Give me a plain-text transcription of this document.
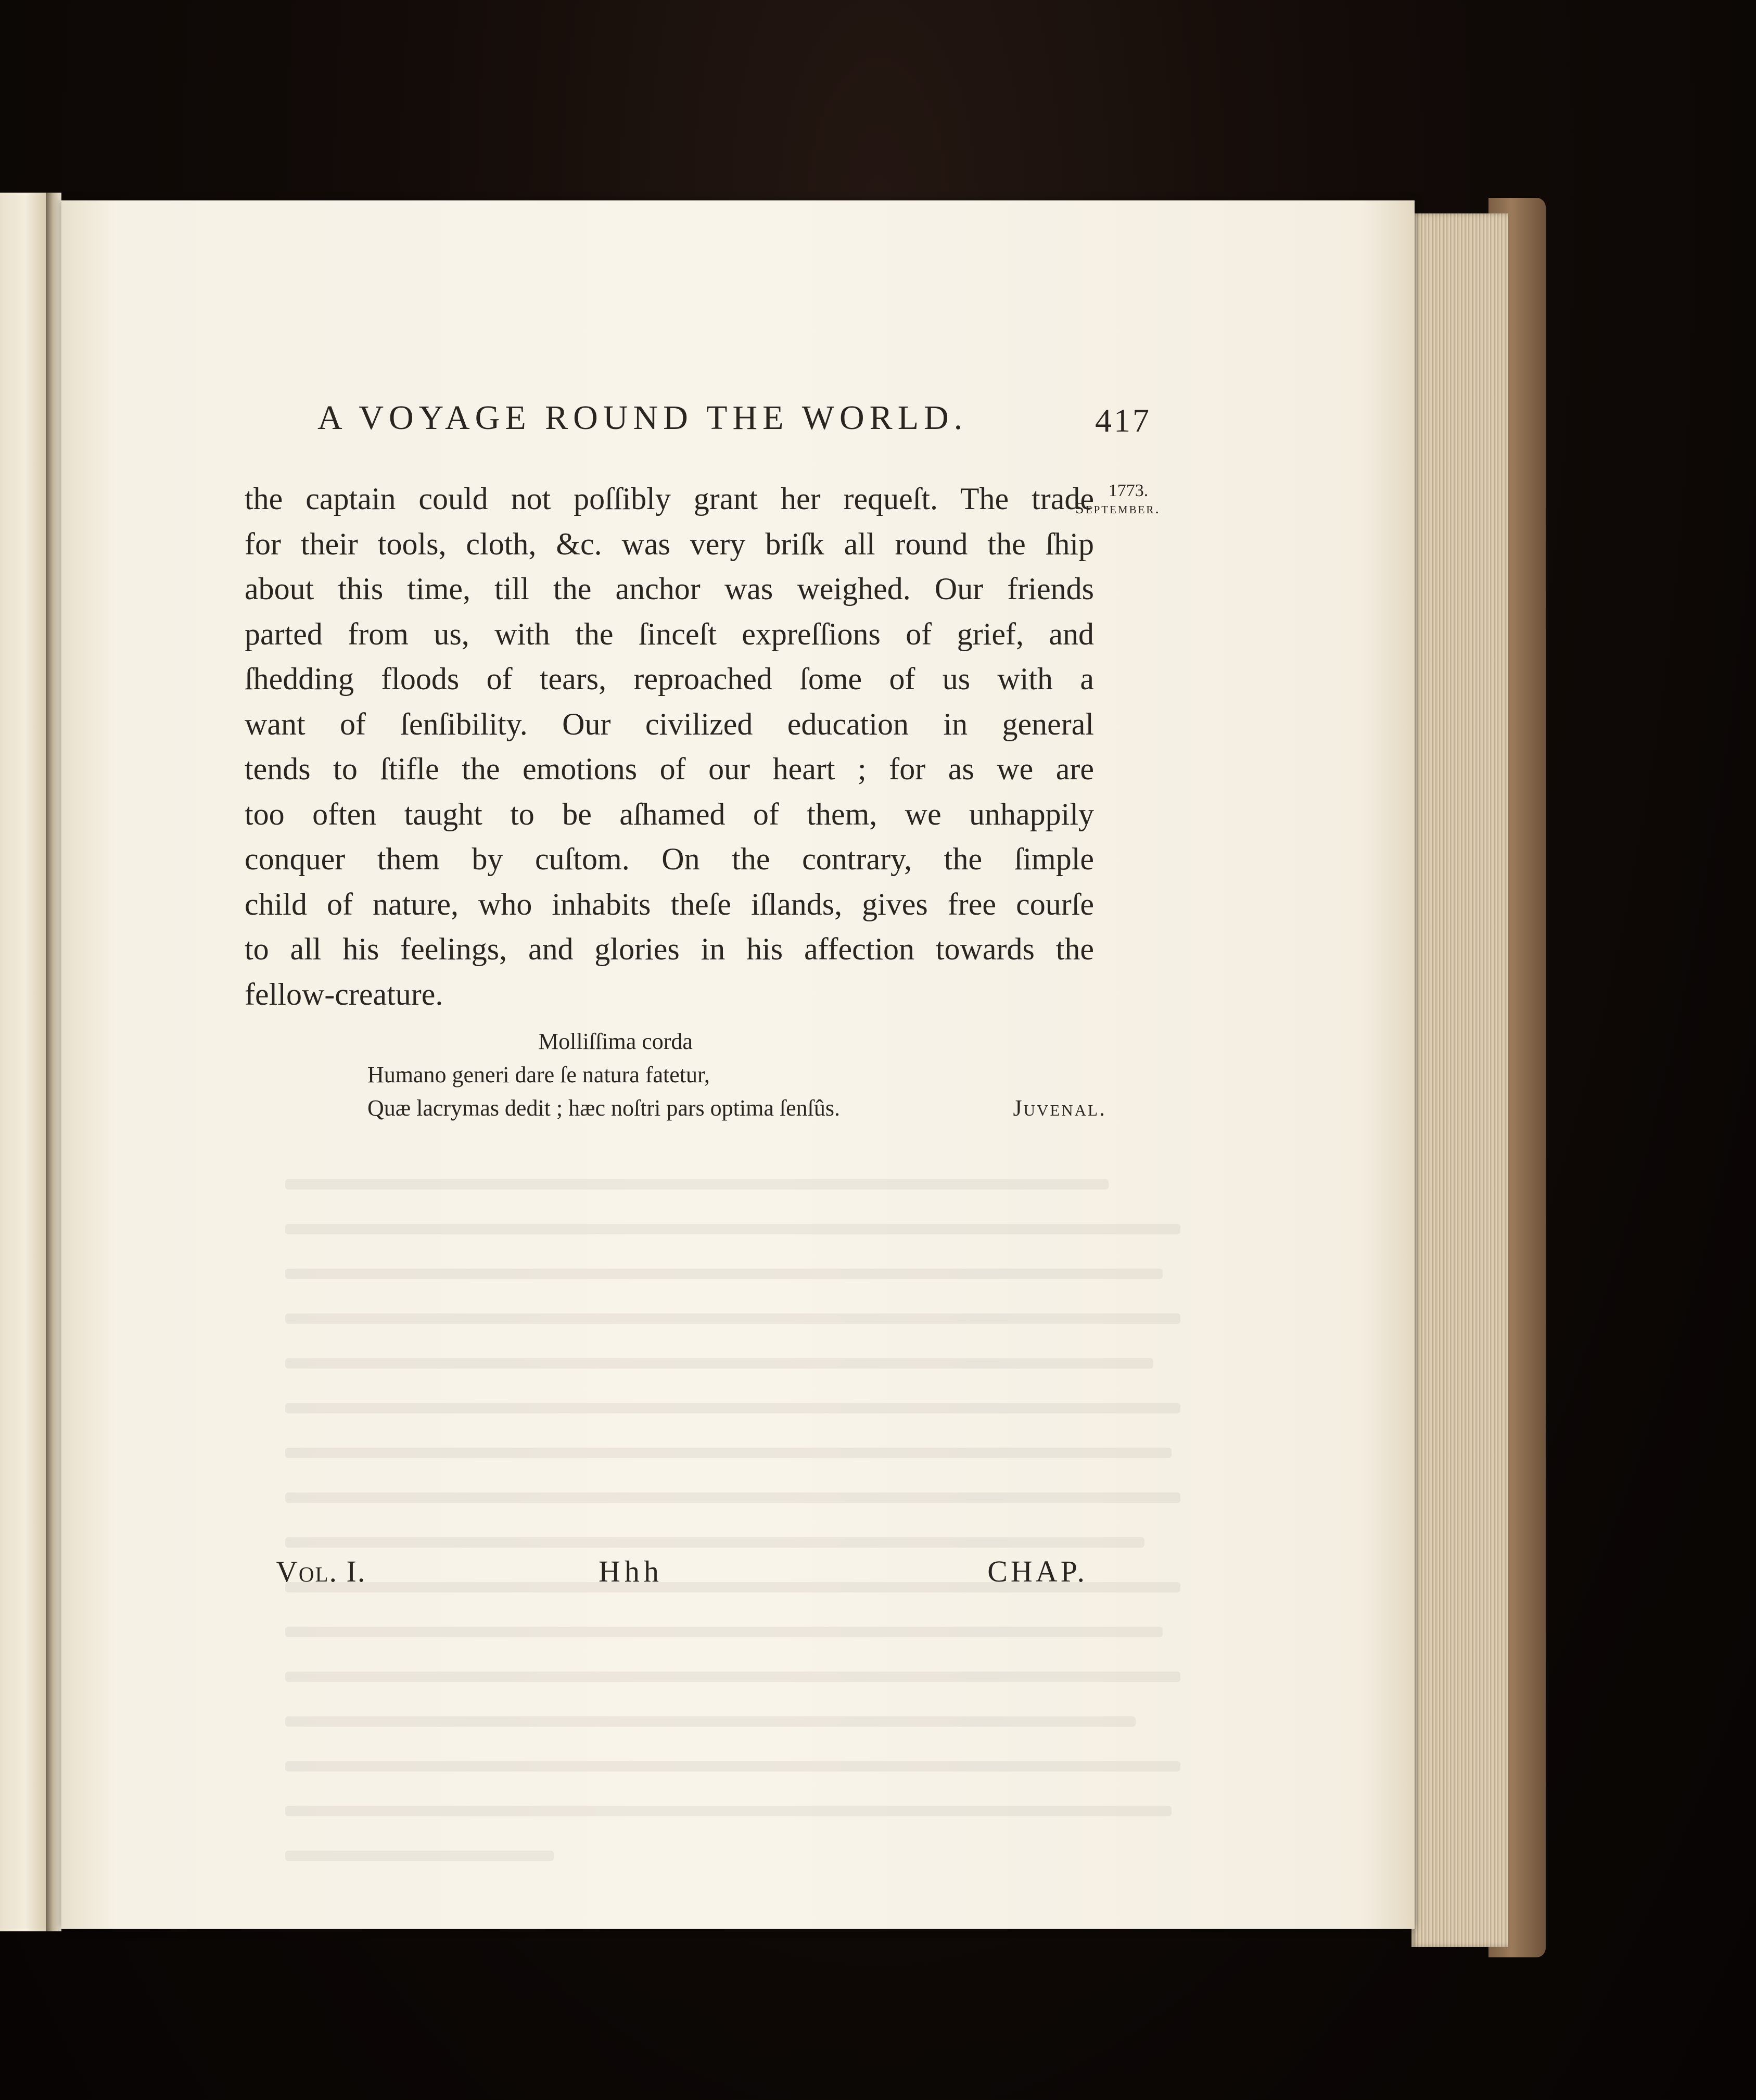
A VOYAGE ROUND THE WORLD.	417
1773.
September.
the captain could not poſſibly grant her requeſt. The trade
for their tools, cloth, &c. was very briſk all round the ſhip
about this time, till the anchor was weighed. Our friends
parted from us, with the ſinceſt expreſſions of grief, and
ſhedding floods of tears, reproached ſome of us with a
want of ſenſibility. Our civilized education in general
tends to ſtifle the emotions of our heart ; for as we are
too often taught to be aſhamed of them, we unhappily
conquer them by cuſtom. On the contrary, the ſimple
child of nature, who inhabits theſe iſlands, gives free courſe
to all his feelings, and glories in his affection towards the
fellow-creature.
Molliſſima corda
Humano generi dare ſe natura fatetur,
Quæ lacrymas dedit ; hæc noſtri pars optima ſenſûs.	Juvenal.
Vol. I.	Hhh	CHAP.
